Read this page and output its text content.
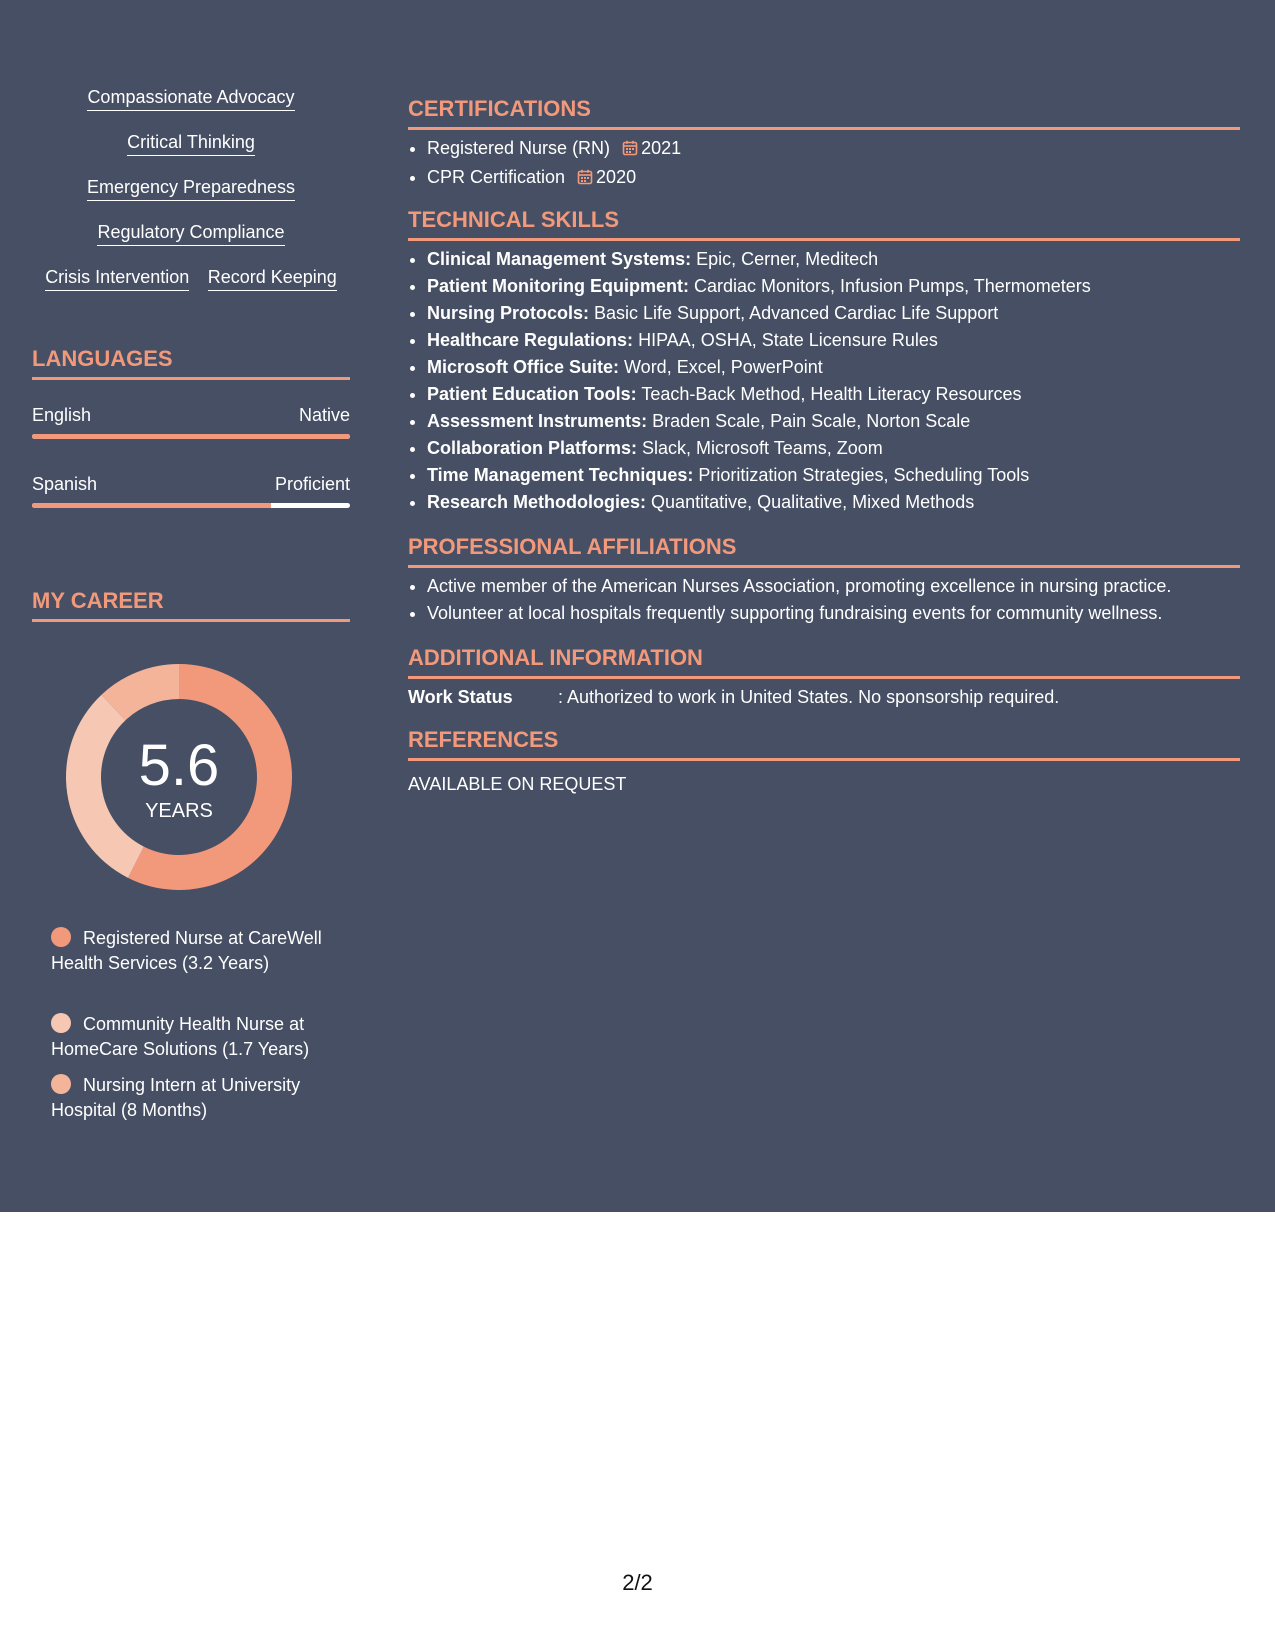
Compassionate Advocacy
Critical Thinking
Emergency Preparedness
Regulatory Compliance
Crisis Intervention Record Keeping
LANGUAGES
English	Native
Spanish	Proficient
MY CAREER
5.6
YEARS
Registered Nurse at CareWell Health Services (3.2 Years)
Community Health Nurse at HomeCare Solutions (1.7 Years)
Nursing Intern at University Hospital (8 Months)
CERTIFICATIONS
• Registered Nurse (RN) 2021
• CPR Certification 2020
TECHNICAL SKILLS
• Clinical Management Systems: Epic, Cerner, Meditech
• Patient Monitoring Equipment: Cardiac Monitors, Infusion Pumps, Thermometers
• Nursing Protocols: Basic Life Support, Advanced Cardiac Life Support
• Healthcare Regulations: HIPAA, OSHA, State Licensure Rules
• Microsoft Office Suite: Word, Excel, PowerPoint
• Patient Education Tools: Teach-Back Method, Health Literacy Resources
• Assessment Instruments: Braden Scale, Pain Scale, Norton Scale
• Collaboration Platforms: Slack, Microsoft Teams, Zoom
• Time Management Techniques: Prioritization Strategies, Scheduling Tools
• Research Methodologies: Quantitative, Qualitative, Mixed Methods
PROFESSIONAL AFFILIATIONS
• Active member of the American Nurses Association, promoting excellence in nursing practice.
• Volunteer at local hospitals frequently supporting fundraising events for community wellness.
ADDITIONAL INFORMATION
Work Status	: Authorized to work in United States. No sponsorship required.
REFERENCES
AVAILABLE ON REQUEST
2/2
